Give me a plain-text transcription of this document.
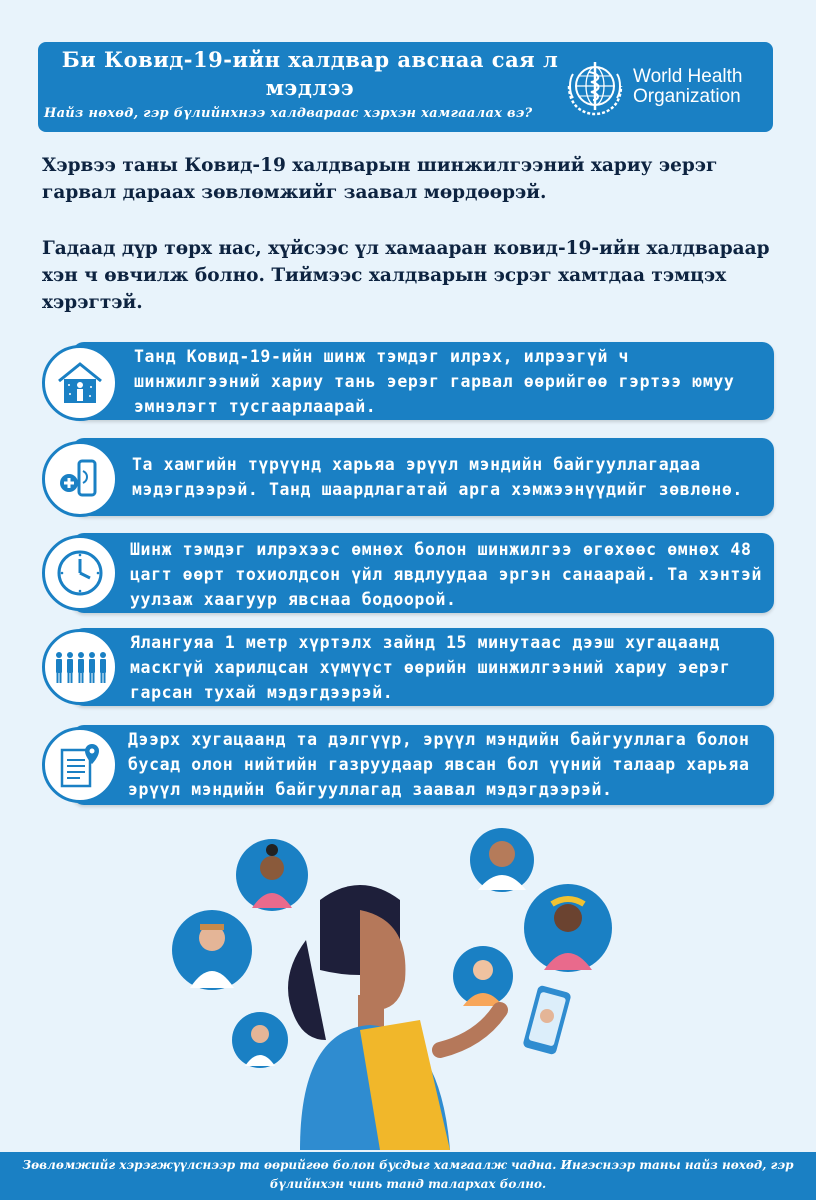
Би Ковид-19-ийн халдвар авснаа сая л мэдлээ
Найз нөхөд, гэр бүлийнхнээ халдвараас хэрхэн хамгаалах вэ?
World Health
Organization
Хэрвээ таны Ковид-19 халдварын шинжилгээний хариу эерэг гарвал дараах зөвлөмжийг заавал мөрдөөрэй.
Гадаад дүр төрх нас, хүйсээс үл хамааран ковид-19-ийн халдвараар хэн ч өвчилж болно. Тиймээс халдварын эсрэг хамтдаа тэмцэх хэрэгтэй.
Танд Ковид-19-ийн шинж тэмдэг илрэх, илрээгүй ч шинжилгээний хариу тань эерэг гарвал өөрийгөө гэртээ юмуу эмнэлэгт тусгаарлаарай.
Та хамгийн түрүүнд харьяа эрүүл мэндийн байгууллагадаа мэдэгдээрэй. Танд шаардлагатай арга хэмжээнүүдийг зөвлөнө.
Шинж тэмдэг илрэхээс өмнөх болон шинжилгээ өгөхөөс өмнөх 48 цагт өөрт тохиолдсон үйл явдлуудаа эргэн санаарай. Та хэнтэй уулзаж хаагуур явснаа бодоорой.
Ялангуяа 1 метр хүртэлх зайнд 15 минутаас дээш хугацаанд маскгүй харилцсан хүмүүст өөрийн шинжилгээний хариу эерэг гарсан тухай мэдэгдээрэй.
Дээрх хугацаанд та дэлгүүр, эрүүл мэндийн байгууллага болон бусад олон нийтийн газруудаар явсан бол үүний талаар харьяа эрүүл мэндийн байгууллагад заавал мэдэгдээрэй.
Зөвлөмжийг хэрэгжүүлснээр та өөрийгөө болон бусдыг хамгаалж чадна. Ингэснээр таны найз нөхөд, гэр бүлийнхэн чинь танд талархах болно.
